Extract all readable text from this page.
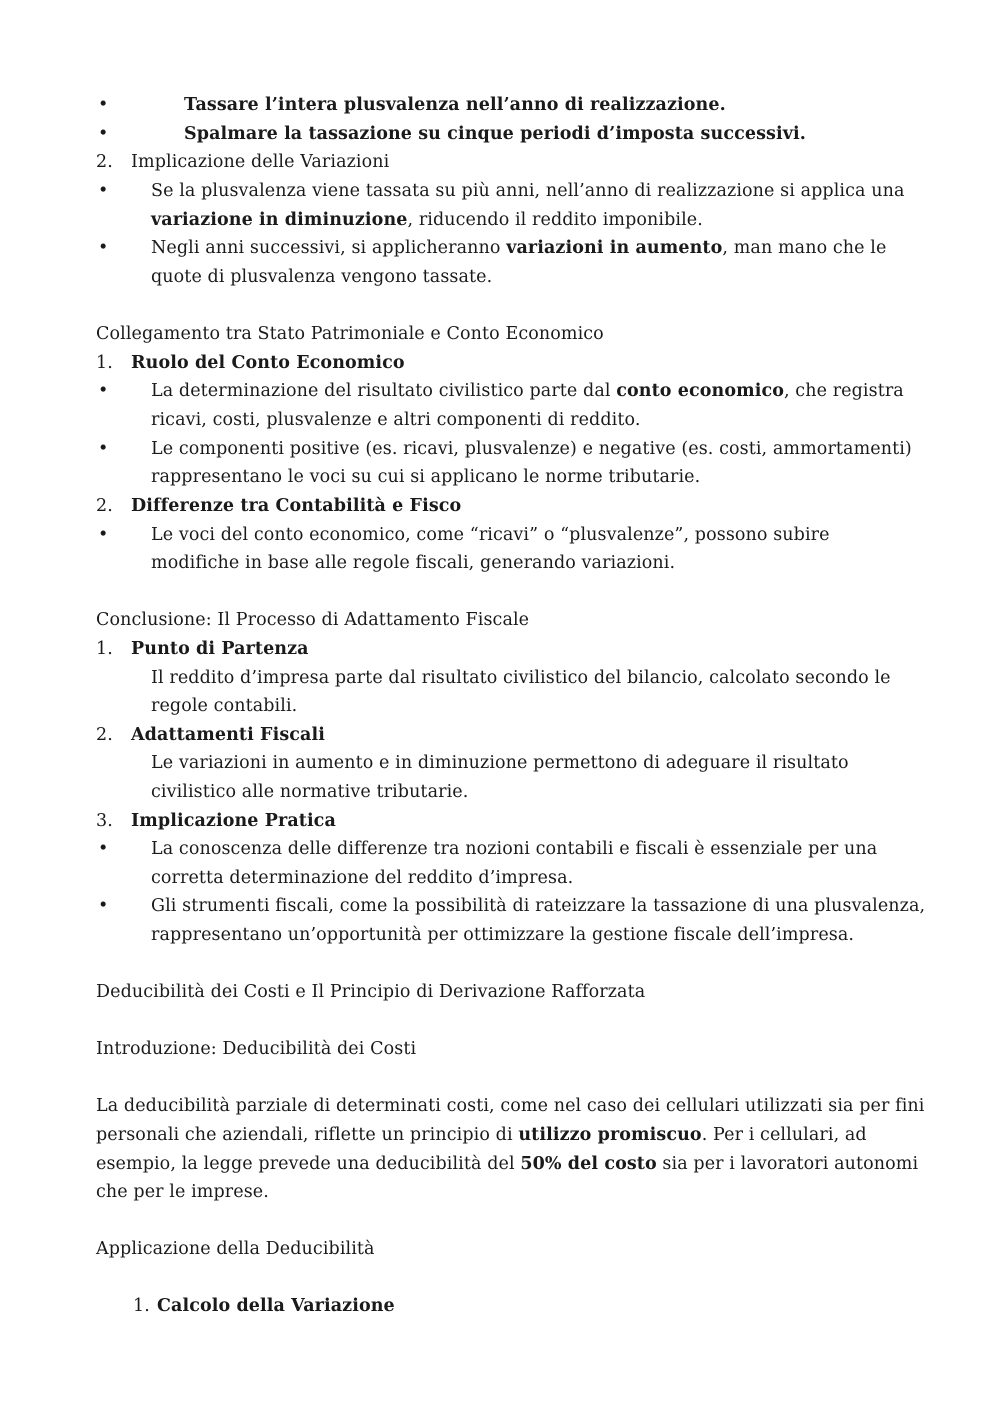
•	Tassare l’intera plusvalenza nell’anno di realizzazione.
•	Spalmare la tassazione su cinque periodi d’imposta successivi.
2. Implicazione delle Variazioni
• Se la plusvalenza viene tassata su più anni, nell’anno di realizzazione si applica una
variazione in diminuzione, riducendo il reddito imponibile.
• Negli anni successivi, si applicheranno variazioni in aumento, man mano che le
quote di plusvalenza vengono tassate.
Collegamento tra Stato Patrimoniale e Conto Economico
1. Ruolo del Conto Economico
• La determinazione del risultato civilistico parte dal conto economico, che registra
ricavi, costi, plusvalenze e altri componenti di reddito.
• Le componenti positive (es. ricavi, plusvalenze) e negative (es. costi, ammortamenti)
rappresentano le voci su cui si applicano le norme tributarie.
2. Differenze tra Contabilità e Fisco
• Le voci del conto economico, come “ricavi” o “plusvalenze”, possono subire
modifiche in base alle regole fiscali, generando variazioni.
Conclusione: Il Processo di Adattamento Fiscale
1. Punto di Partenza
Il reddito d’impresa parte dal risultato civilistico del bilancio, calcolato secondo le
regole contabili.
2. Adattamenti Fiscali
Le variazioni in aumento e in diminuzione permettono di adeguare il risultato
civilistico alle normative tributarie.
3. Implicazione Pratica
• La conoscenza delle differenze tra nozioni contabili e fiscali è essenziale per una
corretta determinazione del reddito d’impresa.
• Gli strumenti fiscali, come la possibilità di rateizzare la tassazione di una plusvalenza,
rappresentano un’opportunità per ottimizzare la gestione fiscale dell’impresa.
Deducibilità dei Costi e Il Principio di Derivazione Rafforzata
Introduzione: Deducibilità dei Costi
La deducibilità parziale di determinati costi, come nel caso dei cellulari utilizzati sia per fini
personali che aziendali, riflette un principio di utilizzo promiscuo. Per i cellulari, ad
esempio, la legge prevede una deducibilità del 50% del costo sia per i lavoratori autonomi
che per le imprese.
Applicazione della Deducibilità
1. Calcolo della Variazione
